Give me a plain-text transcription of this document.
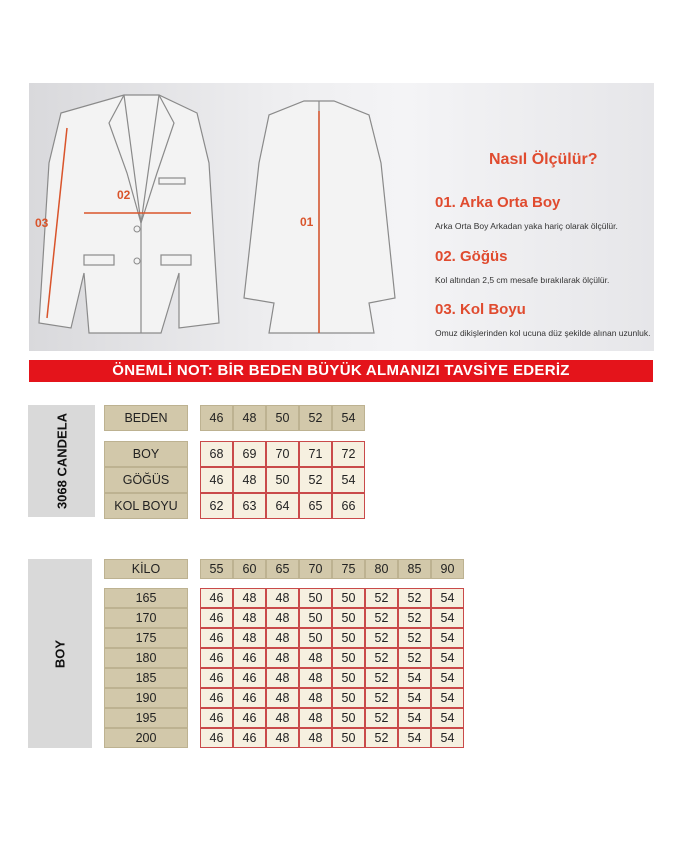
02
03	01
Nasıl Ölçülür?
01. Arka Orta Boy
Arka Orta Boy Arkadan yaka hariç olarak ölçülür.
02. Göğüs
Kol altından 2,5 cm mesafe bırakılarak ölçülür.
03. Kol Boyu
Omuz dikişlerinden kol ucuna düz şekilde alınan uzunluk.
ÖNEMLİ NOT: BİR BEDEN BÜYÜK ALMANIZI TAVSİYE EDERİZ
3068 CANDELA	BEDEN	46	48	50	52	54
BOY	68	69	70	71	72
GÖĞÜS	46	48	50	52	54
KOL BOYU	62	63	64	65	66
BOY
KİLO	55	60	65	70	75	80	85	90
165	46	48	48	50	50	52	52	54
170	46	48	48	50	50	52	52	54
175	46	48	48	50	50	52	52	54
180	46	46	48	48	50	52	52	54
185	46	46	48	48	50	52	54	54
190	46	46	48	48	50	52	54	54
195	46	46	48	48	50	52	54	54
200	46	46	48	48	50	52	54	54
